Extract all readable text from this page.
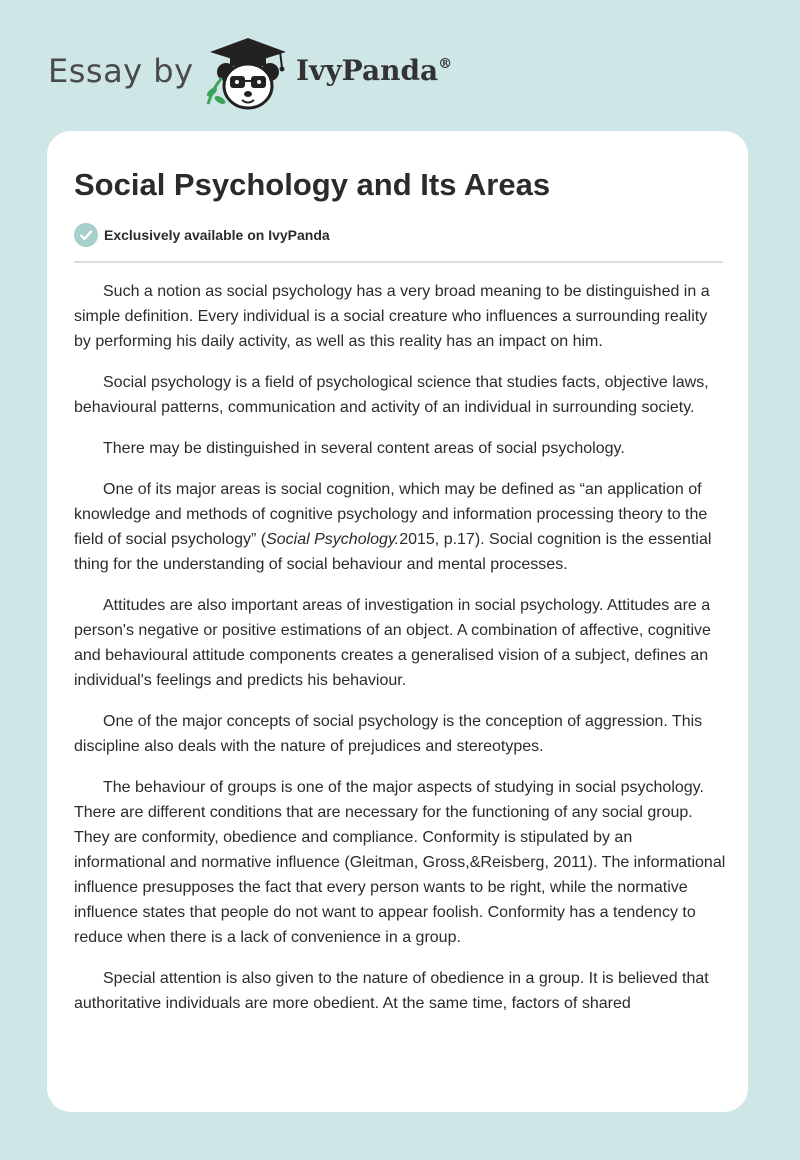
Essay by	IvyPanda®
Social Psychology and Its Areas
Exclusively available on IvyPanda

Such a notion as social psychology has a very broad meaning to be distinguished in a simple definition. Every individual is a social creature who influences a surrounding reality by performing his daily activity, as well as this reality has an impact on him.

Social psychology is a field of psychological science that studies facts, objective laws, behavioural patterns, communication and activity of an individual in surrounding society.

There may be distinguished in several content areas of social psychology.

One of its major areas is social cognition, which may be defined as “an application of knowledge and methods of cognitive psychology and information processing theory to the field of social psychology” (Social Psychology.2015, p.17). Social cognition is the essential thing for the understanding of social behaviour and mental processes.

Attitudes are also important areas of investigation in social psychology. Attitudes are a person's negative or positive estimations of an object. A combination of affective, cognitive and behavioural attitude components creates a generalised vision of a subject, defines an individual's feelings and predicts his behaviour.

One of the major concepts of social psychology is the conception of aggression. This discipline also deals with the nature of prejudices and stereotypes.

The behaviour of groups is one of the major aspects of studying in social psychology. There are different conditions that are necessary for the functioning of any social group. They are conformity, obedience and compliance. Conformity is stipulated by an informational and normative influence (Gleitman, Gross,&Reisberg, 2011). The informational influence presupposes the fact that every person wants to be right, while the normative influence states that people do not want to appear foolish. Conformity has a tendency to reduce when there is a lack of convenience in a group.

Special attention is also given to the nature of obedience in a group. It is believed that authoritative individuals are more obedient. At the same time, factors of shared
